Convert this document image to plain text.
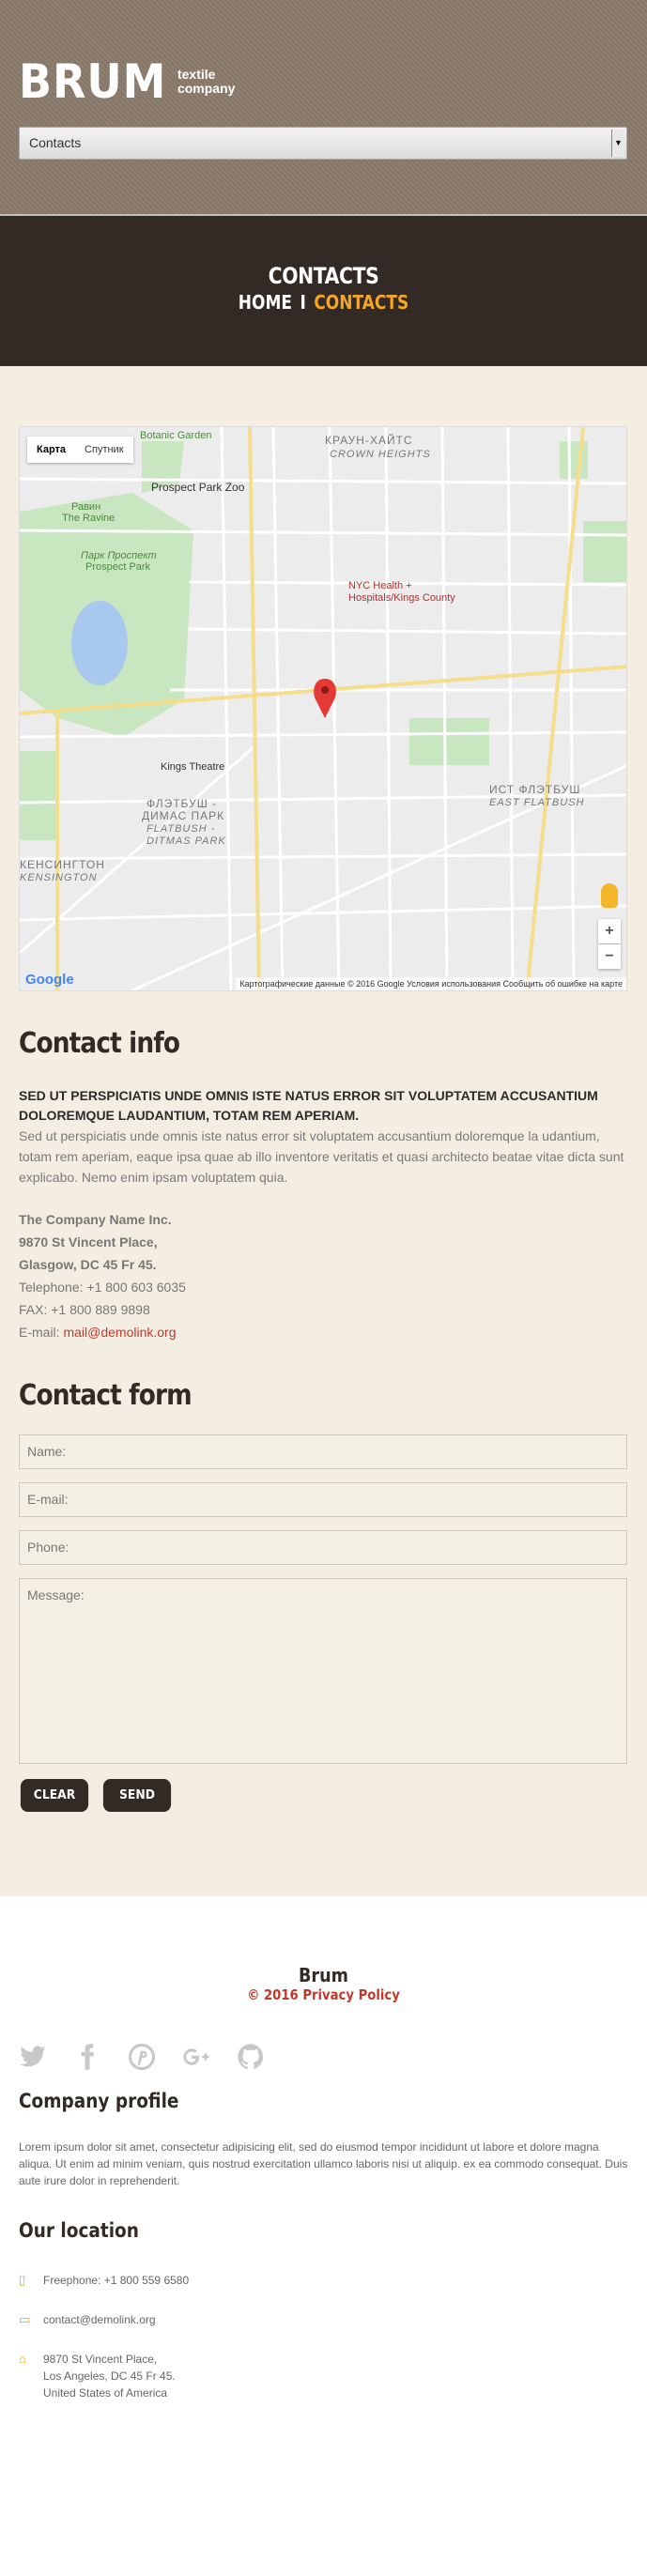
BRUM textile
company
Contacts	▼
CONTACTS
HOME I CONTACTS
Prospect Park Zoo
КРАУН-ХАЙТС
CROWN HEIGHTS
Botanic Garden
Равин
The Ravine
Парк Проспект
Prospect Park
NYC Health +
Hospitals/Kings County
Kings Theatre
ФЛЭТБУШ -
ДИМАС ПАРК
FLATBUSH -
DITMAS PARK
ИСТ ФЛЭТБУШ
EAST FLATBUSH
КЕНСИНГТОН
KENSINGTON
Карта	Спутник
+
−
Google	Картографические данные © 2016 Google Условия использования Сообщить об ошибке на карте
Contact info

SED UT PERSPICIATIS UNDE OMNIS ISTE NATUS ERROR SIT VOLUPTATEM ACCUSANTIUM DOLOREMQUE LAUDANTIUM, TOTAM REM APERIAM.

Sed ut perspiciatis unde omnis iste natus error sit voluptatem accusantium doloremque la udantium, totam rem aperiam, eaque ipsa quae ab illo inventore veritatis et quasi architecto beatae vitae dicta sunt explicabo. Nemo enim ipsam voluptatem quia.

The Company Name Inc.
9870 St Vincent Place,
Glasgow, DC 45 Fr 45.
Telephone: +1 800 603 6035
FAX: +1 800 889 9898
E-mail: mail@demolink.org
Contact form
Name:
E-mail:
Phone:
Message:
CLEAR	SEND
Brum
© 2016 Privacy Policy
Company profile

Lorem ipsum dolor sit amet, consectetur adipisicing elit, sed do eiusmod tempor incididunt ut labore et dolore magna aliqua. Ut enim ad minim veniam, quis nostrud exercitation ullamco laboris nisi ut aliquip. ex ea commodo consequat. Duis aute irure dolor in reprehenderit.

Our location
▯	Freephone: +1 800 559 6580
▭	contact@demolink.org
⌂	9870 St Vincent Place,
Los Angeles, DC 45 Fr 45.
United States of America
